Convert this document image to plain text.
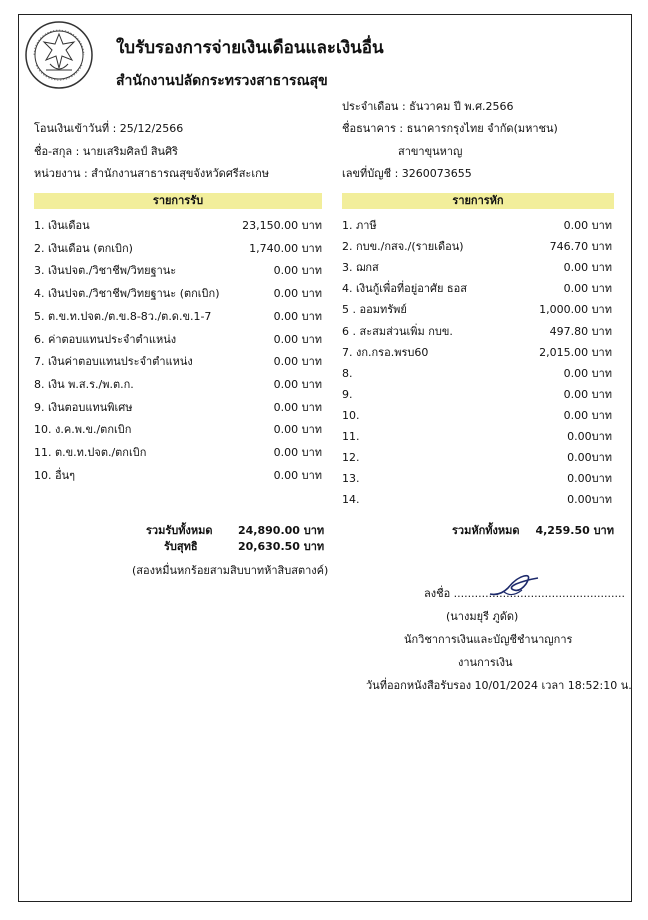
ใบรับรองการจ่ายเงินเดือนและเงินอื่น
สำนักงานปลัดกระทรวงสาธารณสุข
ประจำเดือน : ธันวาคม ปี พ.ศ.2566
โอนเงินเข้าวันที่ : 25/12/2566	ชื่อธนาคาร : ธนาคารกรุงไทย จำกัด(มหาชน)
ชื่อ-สกุล : นายเสริมศิลป์ สินศิริ	สาขาขุนหาญ
หน่วยงาน : สำนักงานสาธารณสุขจังหวัดศรีสะเกษ	เลขที่บัญชี : 3260073655
รายการรับ	รายการหัก
1. เงินเดือน	23,150.00 บาท
2. เงินเดือน (ตกเบิก)	1,740.00 บาท
3. เงินปจต./วิชาชีพ/วิทยฐานะ	0.00 บาท
4. เงินปจต./วิชาชีพ/วิทยฐานะ (ตกเบิก)	0.00 บาท
5. ต.ข.ท.ปจต./ต.ข.8-8ว./ต.ด.ข.1-7	0.00 บาท
6. ค่าตอบแทนประจำตำแหน่ง	0.00 บาท
7. เงินค่าตอบแทนประจำตำแหน่ง	0.00 บาท
8. เงิน พ.ส.ร./พ.ต.ก.	0.00 บาท
9. เงินตอบแทนพิเศษ	0.00 บาท
10. ง.ค.พ.ข./ตกเบิก	0.00 บาท
11. ต.ข.ท.ปจต./ตกเบิก	0.00 บาท
10. อื่นๆ	0.00 บาท
1. ภาษี	0.00 บาท
2. กบข./กสจ./(รายเดือน)	746.70 บาท
3. ฌกส	0.00 บาท
4. เงินกู้เพื่อที่อยู่อาศัย ธอส	0.00 บาท
5 . ออมทรัพย์	1,000.00 บาท
6 . สะสมส่วนเพิ่ม กบข.	497.80 บาท
7. งก.กรอ.พรบ60	2,015.00 บาท
8.	0.00 บาท
9.	0.00 บาท
10.	0.00 บาท
11.	0.00บาท
12.	0.00บาท
13.	0.00บาท
14.	0.00บาท
รวมรับทั้งหมด 24,890.00 บาท
รับสุทธิ	20,630.50 บาท
(สองหมื่นหกร้อยสามสิบบาทห้าสิบสตางค์)
รวมหักทั้งหมด	4,259.50 บาท
ลงชื่อ .................................................
(นางมยุรี ภูดัด)
นักวิชาการเงินและบัญชีชำนาญการ
งานการเงิน
วันที่ออกหนังสือรับรอง 10/01/2024 เวลา 18:52:10 น.
